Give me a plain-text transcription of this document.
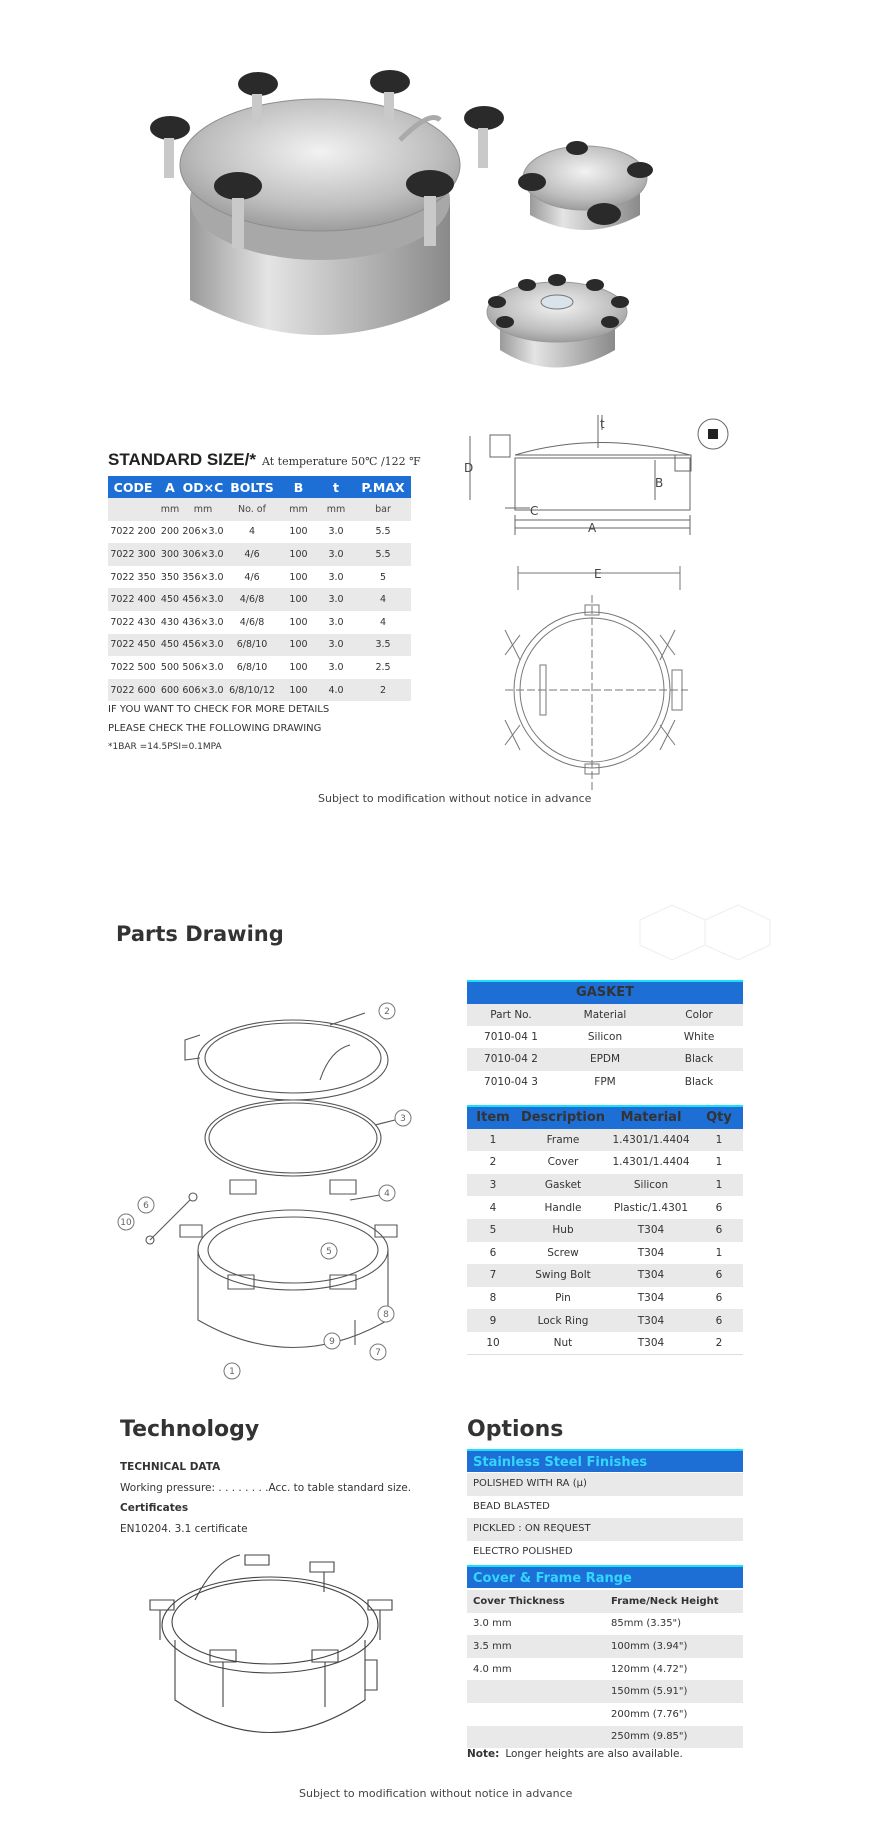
STANDARD SIZE/* At temperature 50℃ /122 ℉
CODE	A	OD×C	BOLTS	B	t	P.MAX
	mm	mm	No. of	mm	mm	bar
7022 200	200	206×3.0	4	100	3.0	5.5
7022 300	300	306×3.0	4/6	100	3.0	5.5
7022 350	350	356×3.0	4/6	100	3.0	5
7022 400	450	456×3.0	4/6/8	100	3.0	4
7022 430	430	436×3.0	4/6/8	100	3.0	4
7022 450	450	456×3.0	6/8/10	100	3.0	3.5
7022 500	500	506×3.0	6/8/10	100	3.0	2.5
7022 600	600	606×3.0	6/8/10/12	100	4.0	2
IF YOU WANT TO CHECK FOR MORE DETAILS
PLEASE CHECK THE FOLLOWING DRAWING
*1BAR =14.5PSI=0.1MPA
t
D
B
C
A
E
Subject to modification without notice in advance
Parts Drawing
1
2
3
4
5
6
7
8
9
10
GASKET		
Part No.	Material	Color
7010-04 1	Silicon	White
7010-04 2	EPDM	Black
7010-04 3	FPM	Black
Item	Description	Material	Qty
1	Frame	1.4301/1.4404	1
2	Cover	1.4301/1.4404	1
3	Gasket	Silicon	1
4	Handle	Plastic/1.4301	6
5	Hub	T304	6
6	Screw	T304	1
7	Swing Bolt	T304	6
8	Pin	T304	6
9	Lock Ring	T304	6
10	Nut	T304	2
Technology
TECHNICAL DATA
Working pressure: . . . . . . . .Acc. to table standard size.
Certificates
EN10204. 3.1 certificate
Options
Stainless Steel Finishes
POLISHED WITH RA (μ)
BEAD BLASTED
PICKLED : ON REQUEST
ELECTRO POLISHED
Cover & Frame Range
Cover Thickness	Frame/Neck Height
3.0 mm	85mm (3.35")
3.5 mm	100mm (3.94")
4.0 mm	120mm (4.72")
	150mm (5.91")
	200mm (7.76")
	250mm (9.85")
Note: Longer heights are also available.
Subject to modification without notice in advance
